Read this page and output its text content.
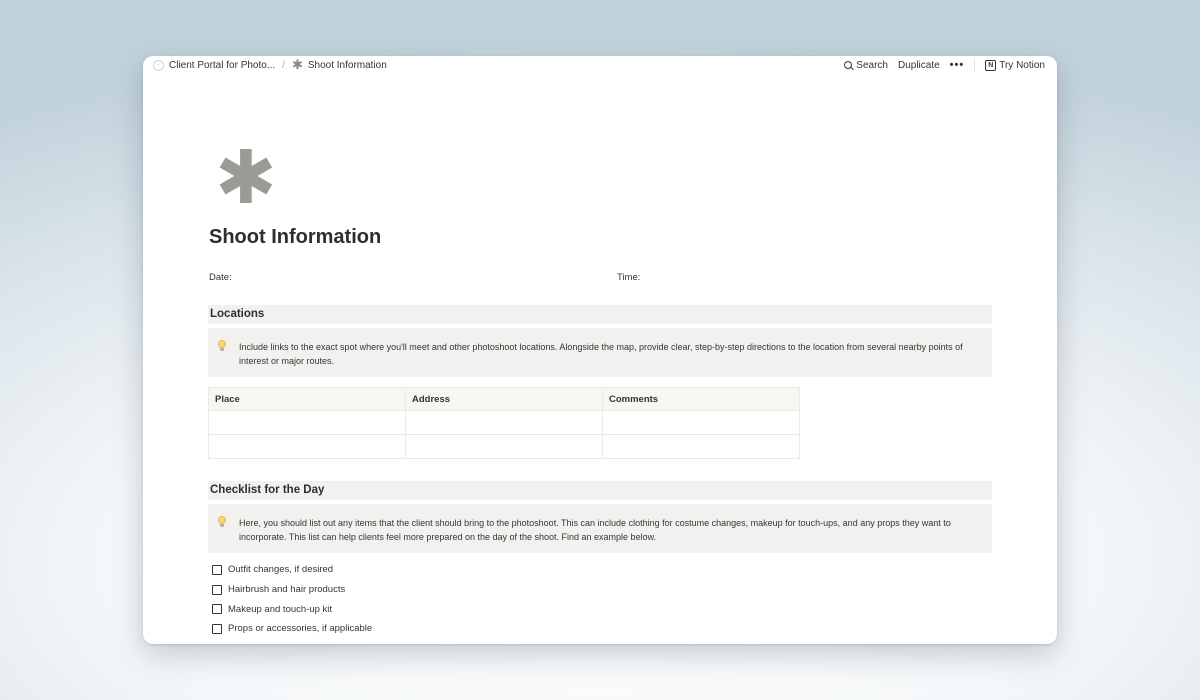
◦ Client Portal for Photo... / ✱ Shoot Information	Search Duplicate •••	N Try Notion
✱
Shoot Information
Date:	Time:
Locations
Include links to the exact spot where you'll meet and other photoshoot locations. Alongside the map, provide clear, step-by-step directions to the location from several nearby points of interest or major routes.
Place	Address	Comments

Checklist for the Day
Here, you should list out any items that the client should bring to the photoshoot. This can include clothing for costume changes, makeup for touch-ups, and any props they want to incorporate. This list can help clients feel more prepared on the day of the shoot. Find an example below.
Outfit changes, if desired
Hairbrush and hair products
Makeup and touch-up kit
Props or accessories, if applicable
